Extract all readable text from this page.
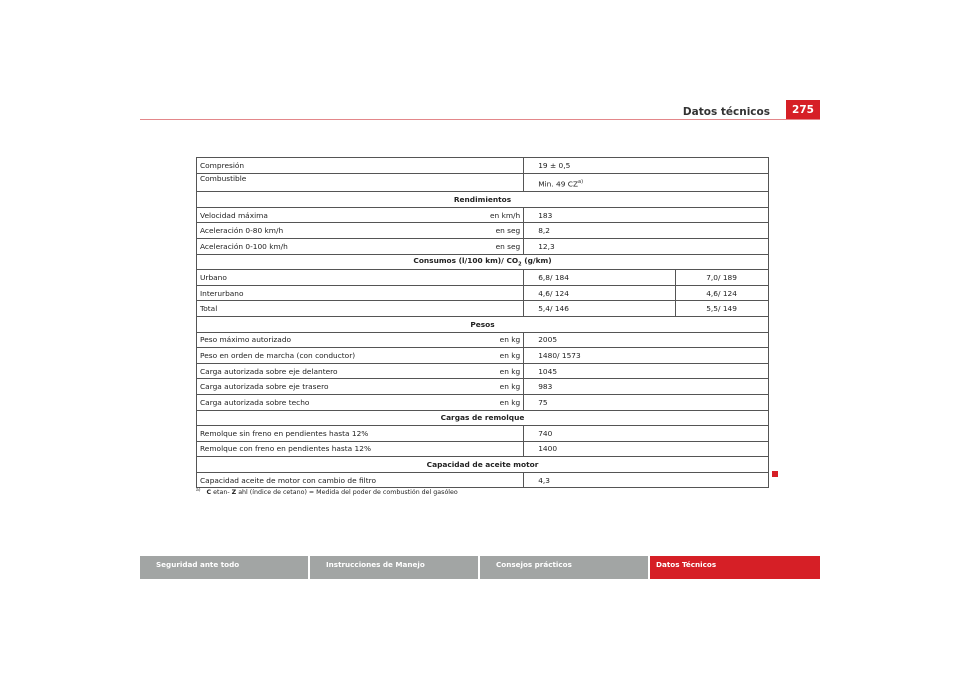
Datos técnicos	275
Compresión		19 ± 0,5	
Combustible		Min. 49 CZ$^{a)}$
Rendimientos			
Velocidad máxima	en km/h	183	
Aceleración 0-80 km/h	en seg	8,2	
Aceleración 0-100 km/h	en seg	12,3	
Consumos (l/100 km)/ $CO_2$ (g/km)			
Urbano		6,8/ 184	7,0/ 189
Interurbano		4,6/ 124	4,6/ 124
Total		5,4/ 146	5,5/ 149
Pesos			
Peso máximo autorizado	en kg	2005	
Peso en orden de marcha (con conductor)	en kg	1480/ 1573	
Carga autorizada sobre eje delantero	en kg	1045	
Carga autorizada sobre eje trasero	en kg	983	
Carga autorizada sobre techo	en kg	75	
Cargas de remolque			
Remolque sin freno en pendientes hasta 12%		740	
Remolque con freno en pendientes hasta 12%		1400	
Capacidad de aceite motor			
Capacidad aceite de motor con cambio de filtro		4,3	
$^{a)}$ C etan- Z ahl (índice de cetano) = Medida del poder de combustión del gasóleo
Seguridad ante todo	Instrucciones de Manejo	Consejos prácticos	Datos Técnicos
